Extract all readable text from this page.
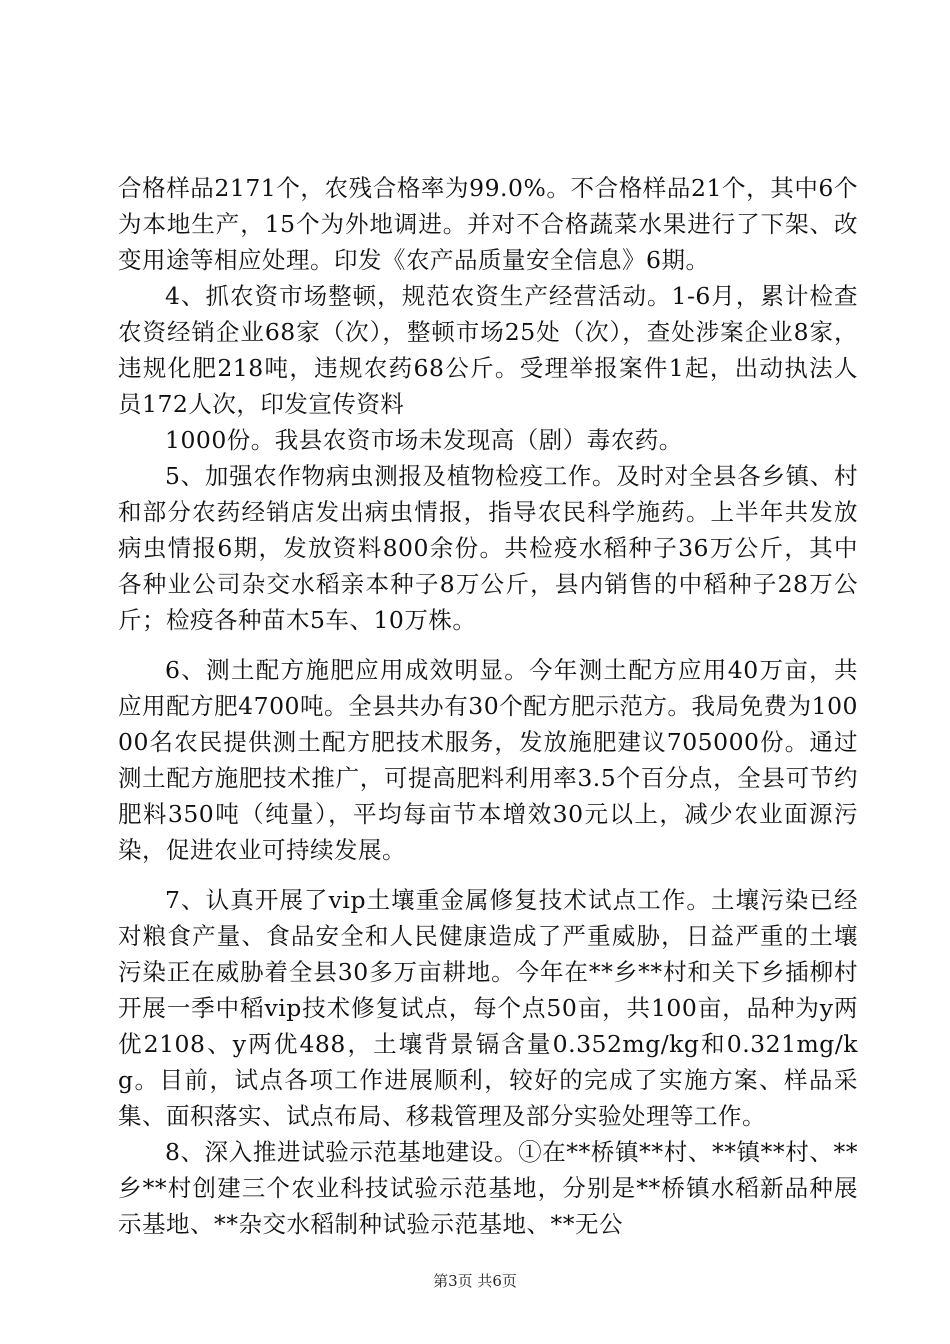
合格样品2171个，农残合格率为99.0%。不合格样品21个，其中6个为本地生产，15个为外地调进。并对不合格蔬菜水果进行了下架、改变用途等相应处理。印发《农产品质量安全信息》6期。

4、抓农资市场整顿，规范农资生产经营活动。1-6月，累计检查农资经销企业68家（次），整顿市场25处（次），查处涉案企业8家，违规化肥218吨，违规农药68公斤。受理举报案件1起，出动执法人员172人次，印发宣传资料

1000份。我县农资市场未发现高（剧）毒农药。

5、加强农作物病虫测报及植物检疫工作。及时对全县各乡镇、村和部分农药经销店发出病虫情报，指导农民科学施药。上半年共发放病虫情报6期，发放资料800余份。共检疫水稻种子36万公斤，其中各种业公司杂交水稻亲本种子8万公斤，县内销售的中稻种子28万公斤；检疫各种苗木5车、10万株。

6、测土配方施肥应用成效明显。今年测土配方应用40万亩，共应用配方肥4700吨。全县共办有30个配方肥示范方。我局免费为10000名农民提供测土配方肥技术服务，发放施肥建议705000份。通过测土配方施肥技术推广，可提高肥料利用率3.5个百分点，全县可节约肥料350吨（纯量），平均每亩节本增效30元以上，减少农业面源污染，促进农业可持续发展。

7、认真开展了vip土壤重金属修复技术试点工作。土壤污染已经对粮食产量、食品安全和人民健康造成了严重威胁，日益严重的土壤污染正在威胁着全县30多万亩耕地。今年在**乡**村和关下乡插柳村开展一季中稻vip技术修复试点，每个点50亩，共100亩，品种为y两优2108、y两优488，土壤背景镉含量0.352mg/kg和0.321mg/kg。目前，试点各项工作进展顺利，较好的完成了实施方案、样品采集、面积落实、试点布局、移栽管理及部分实验处理等工作。

8、深入推进试验示范基地建设。①在**桥镇**村、**镇**村、**乡**村创建三个农业科技试验示范基地，分别是**桥镇水稻新品种展示基地、**杂交水稻制种试验示范基地、**无公

第3页 共6页
